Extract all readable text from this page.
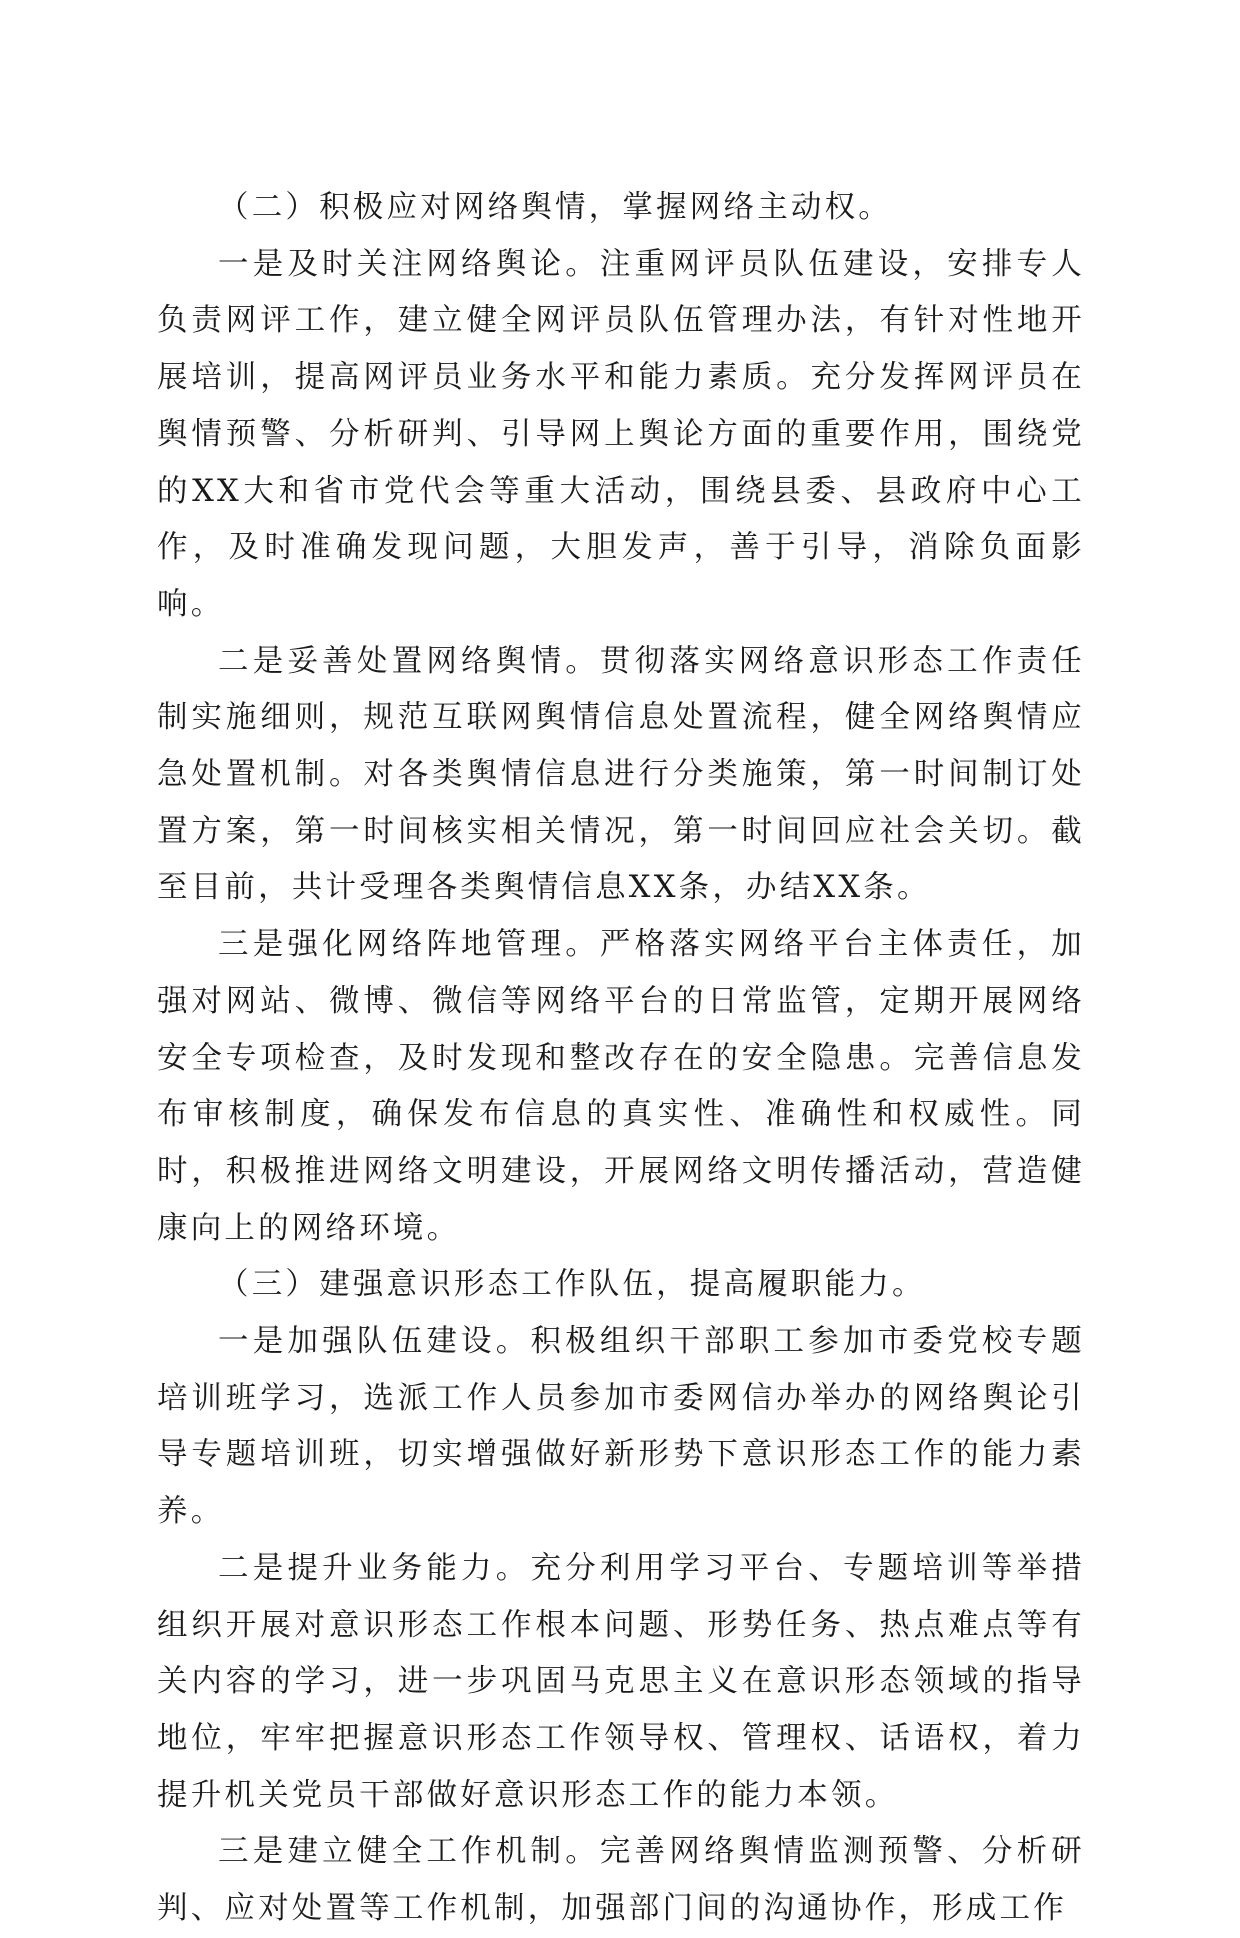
（二）积极应对网络舆情，掌握网络主动权。

一是及时关注网络舆论。注重网评员队伍建设，安排专人负责网评工作，建立健全网评员队伍管理办法，有针对性地开展培训，提高网评员业务水平和能力素质。充分发挥网评员在舆情预警、分析研判、引导网上舆论方面的重要作用，围绕党的XX大和省市党代会等重大活动，围绕县委、县政府中心工作，及时准确发现问题，大胆发声，善于引导，消除负面影响。

二是妥善处置网络舆情。贯彻落实网络意识形态工作责任制实施细则，规范互联网舆情信息处置流程，健全网络舆情应急处置机制。对各类舆情信息进行分类施策，第一时间制订处置方案，第一时间核实相关情况，第一时间回应社会关切。截至目前，共计受理各类舆情信息XX条，办结XX条。

三是强化网络阵地管理。严格落实网络平台主体责任，加强对网站、微博、微信等网络平台的日常监管，定期开展网络安全专项检查，及时发现和整改存在的安全隐患。完善信息发布审核制度，确保发布信息的真实性、准确性和权威性。同时，积极推进网络文明建设，开展网络文明传播活动，营造健康向上的网络环境。

（三）建强意识形态工作队伍，提高履职能力。

一是加强队伍建设。积极组织干部职工参加市委党校专题培训班学习，选派工作人员参加市委网信办举办的网络舆论引导专题培训班，切实增强做好新形势下意识形态工作的能力素养。

二是提升业务能力。充分利用学习平台、专题培训等举措组织开展对意识形态工作根本问题、形势任务、热点难点等有关内容的学习，进一步巩固马克思主义在意识形态领域的指导地位，牢牢把握意识形态工作领导权、管理权、话语权，着力提升机关党员干部做好意识形态工作的能力本领。

三是建立健全工作机制。完善网络舆情监测预警、分析研判、应对处置等工作机制，加强部门间的沟通协作，形成工作
